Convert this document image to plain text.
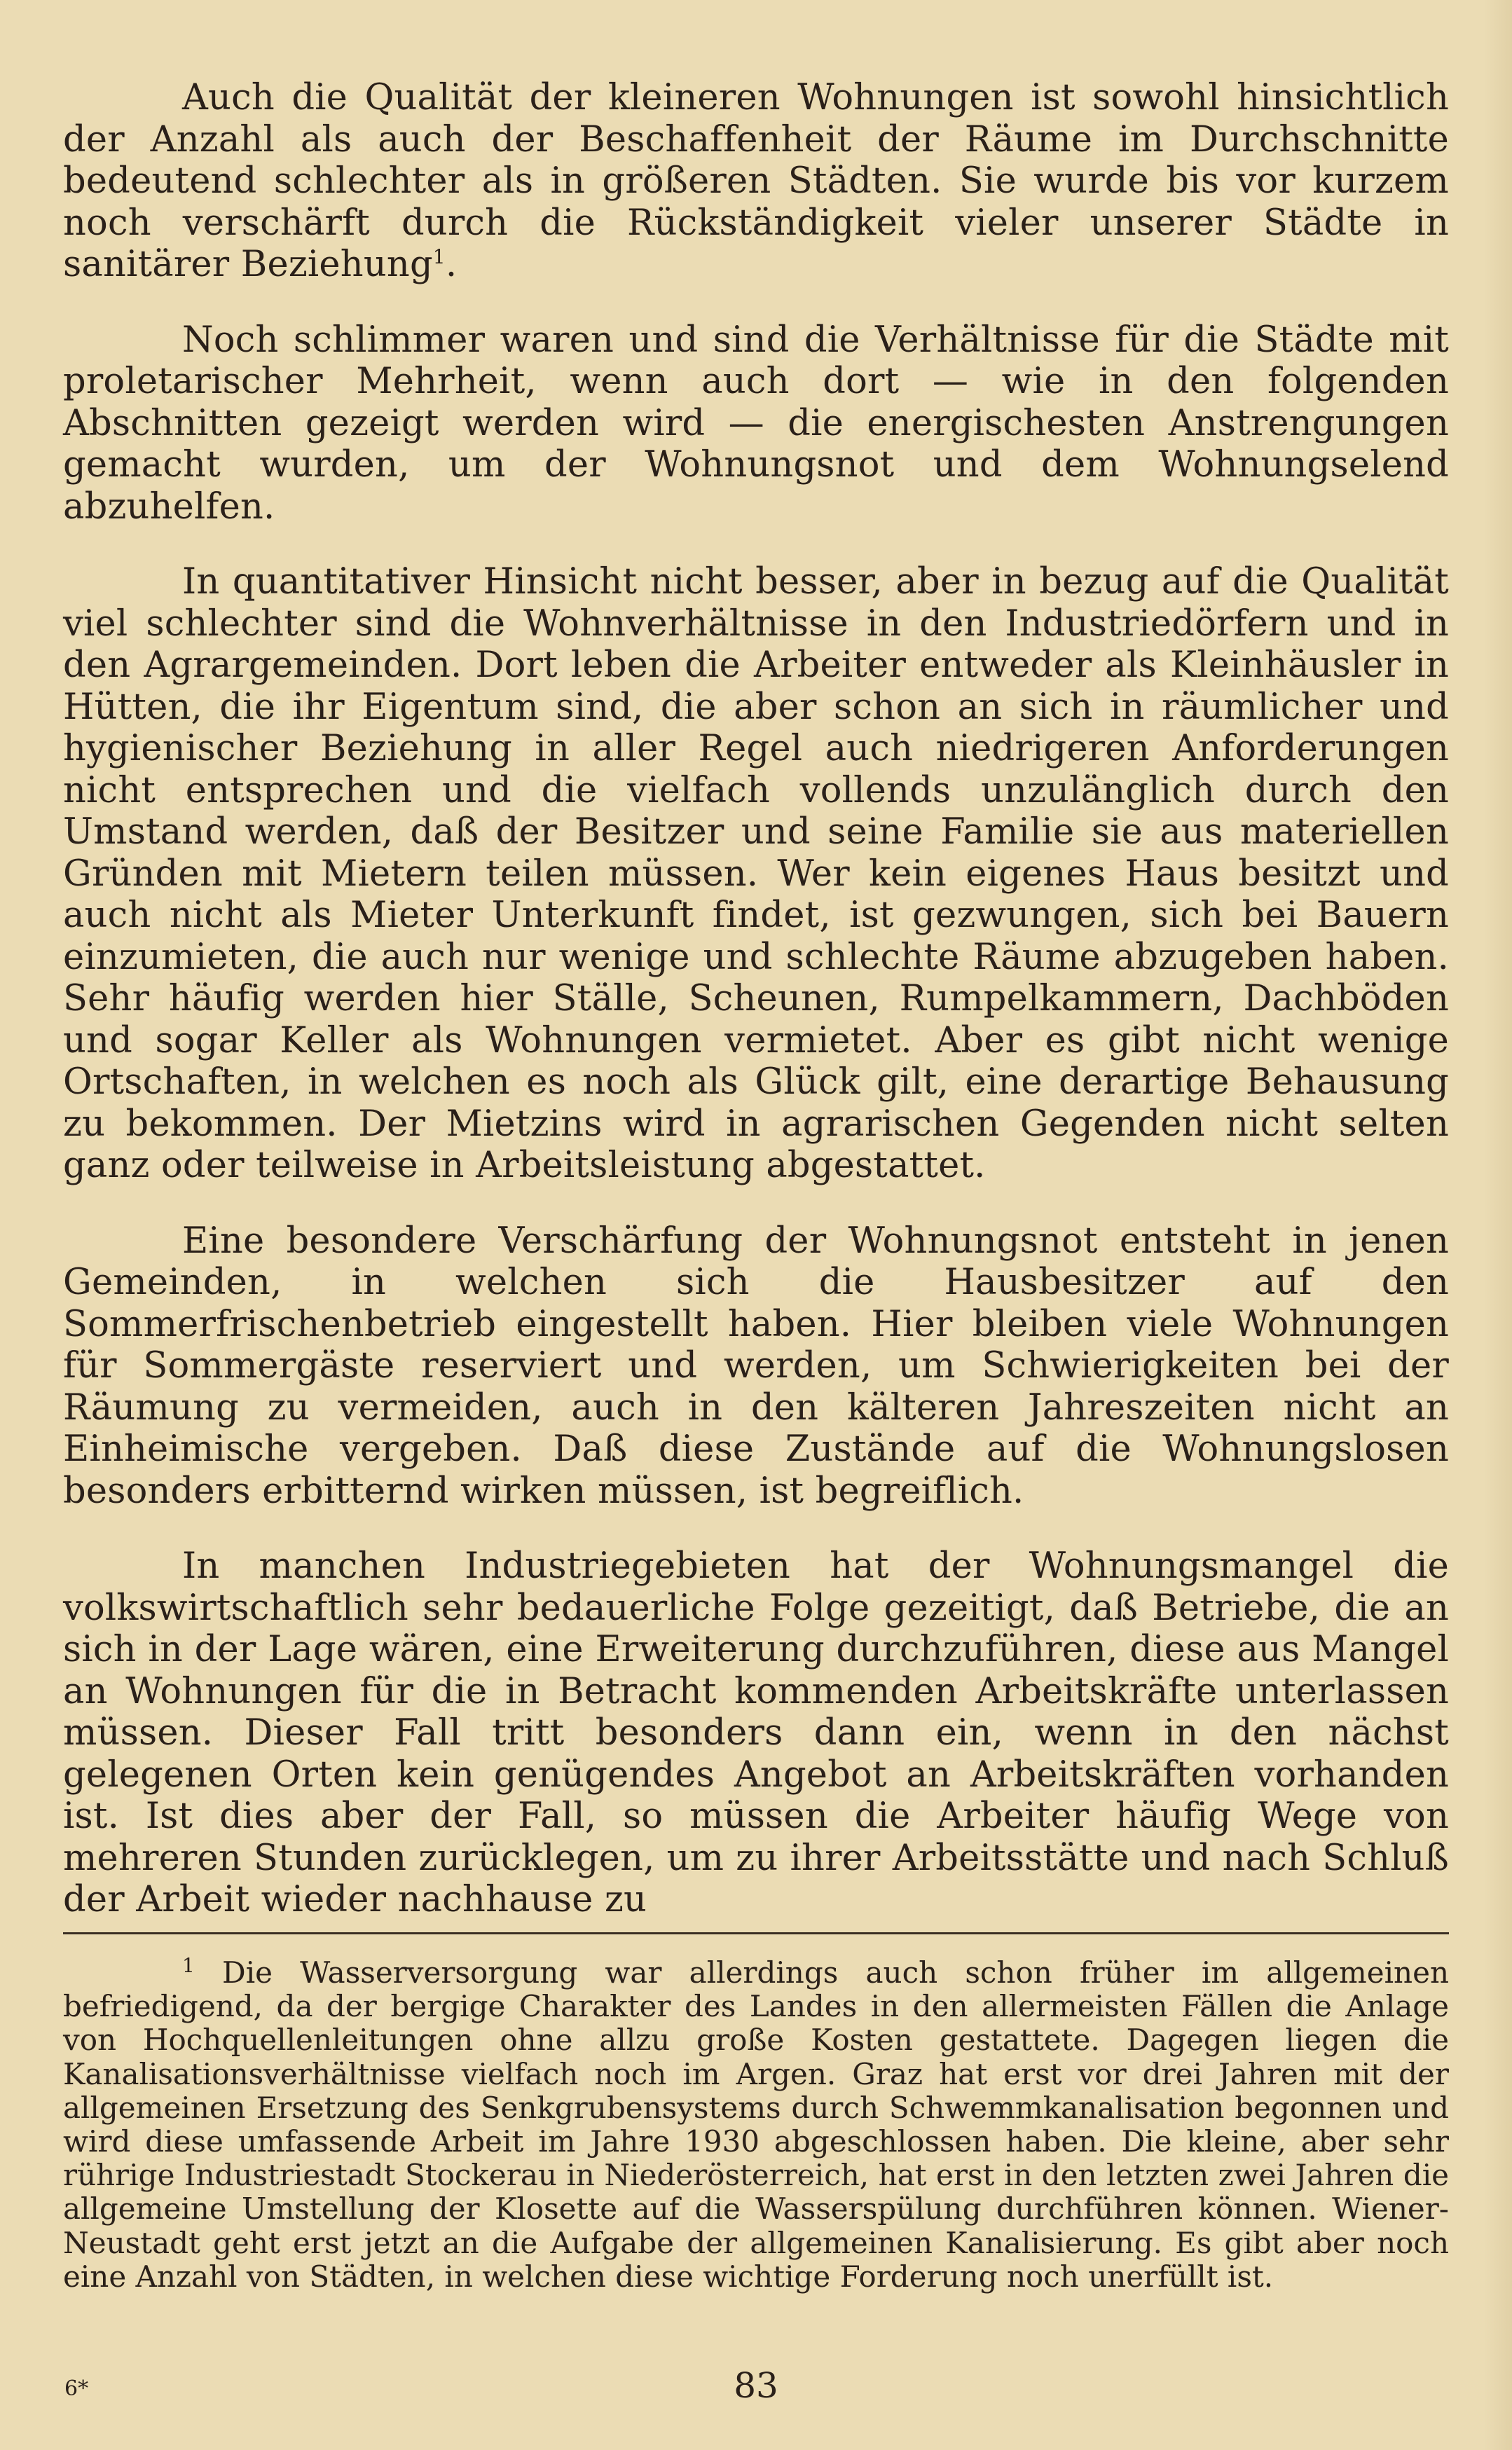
Auch die Qualität der kleineren Wohnungen ist sowohl hinsichtlich der Anzahl als auch der Beschaffenheit der Räume im Durchschnitte bedeutend schlechter als in größeren Städten. Sie wurde bis vor kurzem noch verschärft durch die Rückständigkeit vieler unserer Städte in sanitärer Beziehung$^1$.

Noch schlimmer waren und sind die Verhältnisse für die Städte mit proletarischer Mehrheit, wenn auch dort — wie in den folgenden Abschnitten gezeigt werden wird — die energischesten Anstrengungen gemacht wurden, um der Wohnungsnot und dem Wohnungselend abzuhelfen.

In quantitativer Hinsicht nicht besser, aber in bezug auf die Qualität viel schlechter sind die Wohnverhältnisse in den Industriedörfern und in den Agrargemeinden. Dort leben die Arbeiter entweder als Kleinhäusler in Hütten, die ihr Eigentum sind, die aber schon an sich in räumlicher und hygienischer Beziehung in aller Regel auch niedrigeren Anforderungen nicht entsprechen und die vielfach vollends unzulänglich durch den Umstand werden, daß der Besitzer und seine Familie sie aus materiellen Gründen mit Mietern teilen müssen. Wer kein eigenes Haus besitzt und auch nicht als Mieter Unterkunft findet, ist gezwungen, sich bei Bauern einzumieten, die auch nur wenige und schlechte Räume abzugeben haben. Sehr häufig werden hier Ställe, Scheunen, Rumpelkammern, Dachböden und sogar Keller als Wohnungen vermietet. Aber es gibt nicht wenige Ortschaften, in welchen es noch als Glück gilt, eine derartige Behausung zu bekommen. Der Mietzins wird in agrarischen Gegenden nicht selten ganz oder teilweise in Arbeitsleistung abgestattet.

Eine besondere Verschärfung der Wohnungsnot entsteht in jenen Gemeinden, in welchen sich die Hausbesitzer auf den Sommerfrischenbetrieb eingestellt haben. Hier bleiben viele Wohnungen für Sommergäste reserviert und werden, um Schwierigkeiten bei der Räumung zu vermeiden, auch in den kälteren Jahreszeiten nicht an Einheimische vergeben. Daß diese Zustände auf die Wohnungslosen besonders erbitternd wirken müssen, ist begreiflich.

In manchen Industriegebieten hat der Wohnungsmangel die volkswirtschaftlich sehr bedauerliche Folge gezeitigt, daß Betriebe, die an sich in der Lage wären, eine Erweiterung durchzuführen, diese aus Mangel an Wohnungen für die in Betracht kommenden Arbeitskräfte unterlassen müssen. Dieser Fall tritt besonders dann ein, wenn in den nächst gelegenen Orten kein genügendes Angebot an Arbeitskräften vorhanden ist. Ist dies aber der Fall, so müssen die Arbeiter häufig Wege von mehreren Stunden zurücklegen, um zu ihrer Arbeitsstätte und nach Schluß der Arbeit wieder nachhause zu

$^1$ Die Wasserversorgung war allerdings auch schon früher im allgemeinen befriedigend, da der bergige Charakter des Landes in den allermeisten Fällen die Anlage von Hochquellenleitungen ohne allzu große Kosten gestattete. Dagegen liegen die Kanalisationsverhältnisse vielfach noch im Argen. Graz hat erst vor drei Jahren mit der allgemeinen Ersetzung des Senkgrubensystems durch Schwemmkanalisation begonnen und wird diese umfassende Arbeit im Jahre 1930 abgeschlossen haben. Die kleine, aber sehr rührige Industriestadt Stockerau in Niederösterreich, hat erst in den letzten zwei Jahren die allgemeine Umstellung der Klosette auf die Wasserspülung durchführen können. Wiener-Neustadt geht erst jetzt an die Aufgabe der allgemeinen Kanalisierung. Es gibt aber noch eine Anzahl von Städten, in welchen diese wichtige Forderung noch unerfüllt ist.

6*	83
